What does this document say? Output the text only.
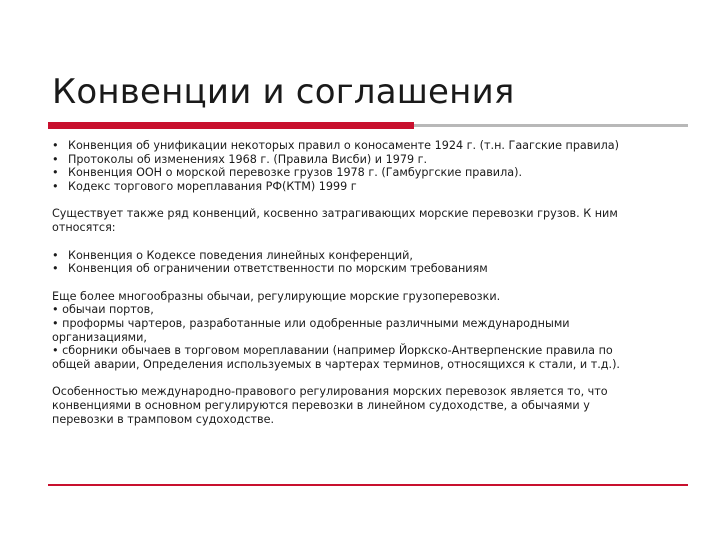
Конвенции и соглашения
• Конвенция об унификации некоторых правил о коносаменте 1924 г. (т.н. Гаагские правила)
• Протоколы об изменениях 1968 г. (Правила Висби) и 1979 г.
• Конвенция ООН о морской перевозке грузов 1978 г. (Гамбургские правила).
• Кодекс торгового мореплавания РФ(КТМ) 1999 г

Существует также ряд конвенций, косвенно затрагивающих морские перевозки грузов. К ним
относятся:

• Конвенция о Кодексе поведения линейных конференций,
• Конвенция об ограничении ответственности по морским требованиям

Еще более многообразны обычаи, регулирующие морские грузоперевозки.
• обычаи портов,
• проформы чартеров, разработанные или одобренные различными международными
организациями,
• сборники обычаев в торговом мореплавании (например Йоркско-Антверпенские правила по
общей аварии, Определения используемых в чартерах терминов, относящихся к стали, и т.д.).

Особенностью международно-правового регулирования морских перевозок является то, что
конвенциями в основном регулируются перевозки в линейном судоходстве, а обычаями у
перевозки в трамповом судоходстве.
